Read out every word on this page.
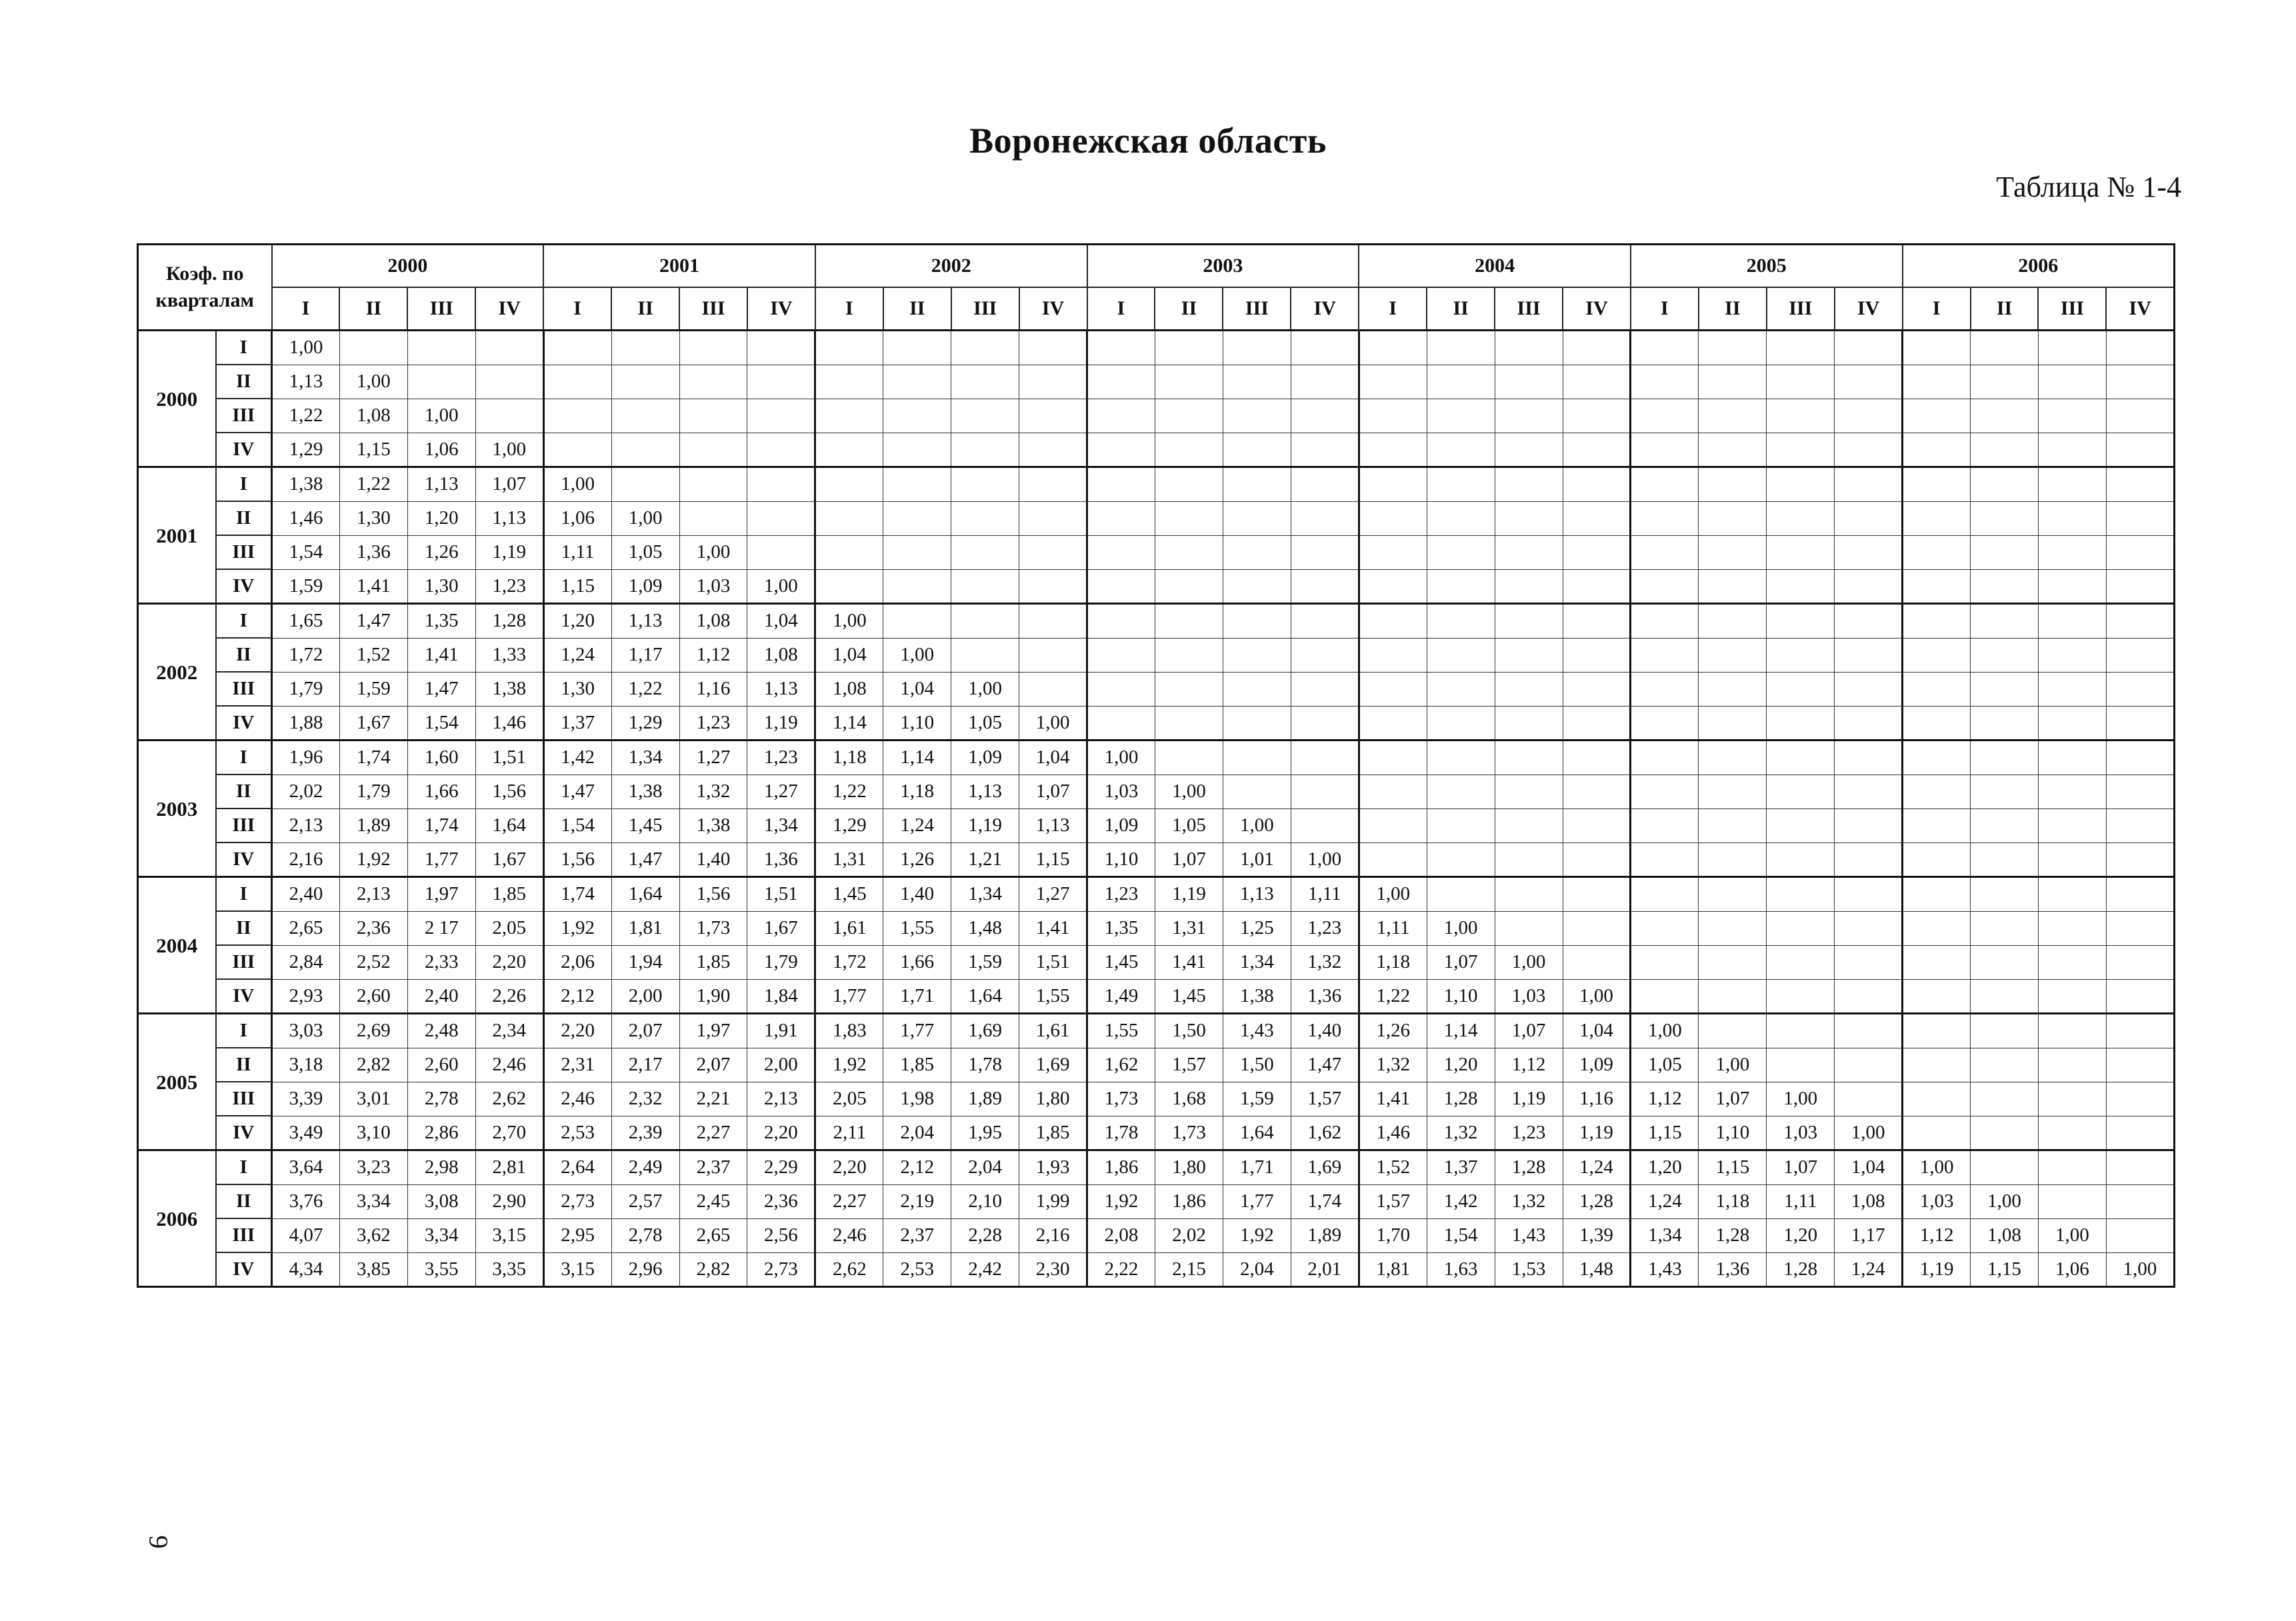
Воронежская область
Таблица № 1-4
9
Коэф. по кварталам		2000				2001				2002				2003				2004				2005				2006			
		I	II	III	IV	I	II	III	IV	I	II	III	IV	I	II	III	IV	I	II	III	IV	I	II	III	IV	I	II	III	IV
2000	I	1,00																											
	II	1,13	1,00																										
	III	1,22	1,08	1,00																									
	IV	1,29	1,15	1,06	1,00																								
2001	I	1,38	1,22	1,13	1,07	1,00																							
	II	1,46	1,30	1,20	1,13	1,06	1,00																						
	III	1,54	1,36	1,26	1,19	1,11	1,05	1,00																					
	IV	1,59	1,41	1,30	1,23	1,15	1,09	1,03	1,00																				
2002	I	1,65	1,47	1,35	1,28	1,20	1,13	1,08	1,04	1,00																			
	II	1,72	1,52	1,41	1,33	1,24	1,17	1,12	1,08	1,04	1,00																		
	III	1,79	1,59	1,47	1,38	1,30	1,22	1,16	1,13	1,08	1,04	1,00																	
	IV	1,88	1,67	1,54	1,46	1,37	1,29	1,23	1,19	1,14	1,10	1,05	1,00																
2003	I	1,96	1,74	1,60	1,51	1,42	1,34	1,27	1,23	1,18	1,14	1,09	1,04	1,00															
	II	2,02	1,79	1,66	1,56	1,47	1,38	1,32	1,27	1,22	1,18	1,13	1,07	1,03	1,00														
	III	2,13	1,89	1,74	1,64	1,54	1,45	1,38	1,34	1,29	1,24	1,19	1,13	1,09	1,05	1,00													
	IV	2,16	1,92	1,77	1,67	1,56	1,47	1,40	1,36	1,31	1,26	1,21	1,15	1,10	1,07	1,01	1,00												
2004	I	2,40	2,13	1,97	1,85	1,74	1,64	1,56	1,51	1,45	1,40	1,34	1,27	1,23	1,19	1,13	1,11	1,00											
	II	2,65	2,36	2 17	2,05	1,92	1,81	1,73	1,67	1,61	1,55	1,48	1,41	1,35	1,31	1,25	1,23	1,11	1,00										
	III	2,84	2,52	2,33	2,20	2,06	1,94	1,85	1,79	1,72	1,66	1,59	1,51	1,45	1,41	1,34	1,32	1,18	1,07	1,00									
	IV	2,93	2,60	2,40	2,26	2,12	2,00	1,90	1,84	1,77	1,71	1,64	1,55	1,49	1,45	1,38	1,36	1,22	1,10	1,03	1,00								
2005	I	3,03	2,69	2,48	2,34	2,20	2,07	1,97	1,91	1,83	1,77	1,69	1,61	1,55	1,50	1,43	1,40	1,26	1,14	1,07	1,04	1,00							
	II	3,18	2,82	2,60	2,46	2,31	2,17	2,07	2,00	1,92	1,85	1,78	1,69	1,62	1,57	1,50	1,47	1,32	1,20	1,12	1,09	1,05	1,00						
	III	3,39	3,01	2,78	2,62	2,46	2,32	2,21	2,13	2,05	1,98	1,89	1,80	1,73	1,68	1,59	1,57	1,41	1,28	1,19	1,16	1,12	1,07	1,00					
	IV	3,49	3,10	2,86	2,70	2,53	2,39	2,27	2,20	2,11	2,04	1,95	1,85	1,78	1,73	1,64	1,62	1,46	1,32	1,23	1,19	1,15	1,10	1,03	1,00				
2006	I	3,64	3,23	2,98	2,81	2,64	2,49	2,37	2,29	2,20	2,12	2,04	1,93	1,86	1,80	1,71	1,69	1,52	1,37	1,28	1,24	1,20	1,15	1,07	1,04	1,00			
	II	3,76	3,34	3,08	2,90	2,73	2,57	2,45	2,36	2,27	2,19	2,10	1,99	1,92	1,86	1,77	1,74	1,57	1,42	1,32	1,28	1,24	1,18	1,11	1,08	1,03	1,00		
	III	4,07	3,62	3,34	3,15	2,95	2,78	2,65	2,56	2,46	2,37	2,28	2,16	2,08	2,02	1,92	1,89	1,70	1,54	1,43	1,39	1,34	1,28	1,20	1,17	1,12	1,08	1,00	
	IV	4,34	3,85	3,55	3,35	3,15	2,96	2,82	2,73	2,62	2,53	2,42	2,30	2,22	2,15	2,04	2,01	1,81	1,63	1,53	1,48	1,43	1,36	1,28	1,24	1,19	1,15	1,06	1,00
